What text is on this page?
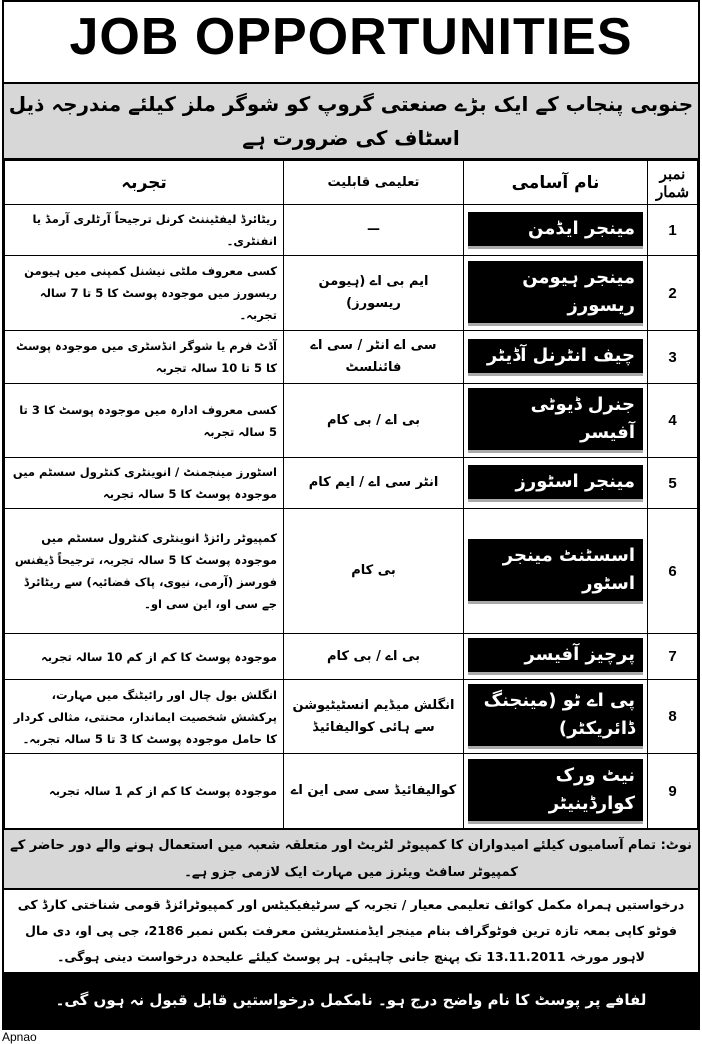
JOB OPPORTUNITIES
جنوبی پنجاب کے ایک بڑے صنعتی گروپ کو شوگر ملز کیلئے مندرجہ ذیل اسٹاف کی ضرورت ہے
نمبر شمار	نام آسامی	تعلیمی قابلیت	تجربہ
1	مینجر ایڈمن	—	ریٹائرڈ لیفٹیننٹ کرنل ترجیحاً آرٹلری آرمڈ یا انفنٹری۔
2	مینجر ہیومن ریسورز	ایم بی اے (ہیومن ریسورز)	کسی معروف ملٹی نیشنل کمپنی میں ہیومن ریسورز میں موجودہ پوسٹ کا 5 تا 7 سالہ تجربہ۔
3	چیف انٹرنل آڈیٹر	سی اے انٹر / سی اے فائنلسٹ	آڈٹ فرم یا شوگر انڈسٹری میں موجودہ پوسٹ کا 5 تا 10 سالہ تجربہ
4	جنرل ڈیوٹی آفیسر	بی اے / بی کام	کسی معروف ادارہ میں موجودہ پوسٹ کا 3 تا 5 سالہ تجربہ
5	مینجر اسٹورز	انٹر سی اے / ایم کام	اسٹورز مینجمنٹ / انوینٹری کنٹرول سسٹم میں موجودہ پوسٹ کا 5 سالہ تجربہ
6	اسسٹنٹ مینجر اسٹور	بی کام	کمپیوٹر رائزڈ انوینٹری کنٹرول سسٹم میں موجودہ پوسٹ کا 5 سالہ تجربہ، ترجیحاً ڈیفنس فورسز (آرمی، نیوی، پاک فضائیہ) سے ریٹائرڈ جے سی او، این سی او۔
7	پرچیز آفیسر	بی اے / بی کام	موجودہ پوسٹ کا کم از کم 10 سالہ تجربہ
8	پی اے ٹو (مینجنگ ڈائریکٹر)	انگلش میڈیم انسٹیٹیوشن سے ہائی کوالیفائیڈ	انگلش بول چال اور رائیٹنگ میں مہارت، پرکشش شخصیت ایماندار، محنتی، مثالی کردار کا حامل موجودہ پوسٹ کا 3 تا 5 سالہ تجربہ۔
9	نیٹ ورک کوارڈینیٹر	کوالیفائیڈ سی سی این اے	موجودہ پوسٹ کا کم از کم 1 سالہ تجربہ
نوٹ: تمام آسامیوں کیلئے امیدواران کا کمپیوٹر لٹریٹ اور متعلقہ شعبہ میں استعمال ہونے والے دور حاضر کے کمپیوٹر سافٹ ویئرز میں مہارت ایک لازمی جزو ہے۔
درخواستیں ہمراہ مکمل کوائف تعلیمی معیار / تجربہ کے سرٹیفیکیٹس اور کمپیوٹرائزڈ قومی شناختی کارڈ کی فوٹو کاپی بمعہ تازہ ترین فوٹوگراف بنام مینجر ایڈمنسٹریشن معرفت بکس نمبر 2186، جی پی او، دی مال لاہور مورخہ 13.11.2011 تک پہنچ جانی چاہیئں۔ ہر پوسٹ کیلئے علیحدہ درخواست دینی ہوگی۔
لفافے پر پوسٹ کا نام واضح درج ہو۔ نامکمل درخواستیں قابل قبول نہ ہوں گی۔
Apnao
